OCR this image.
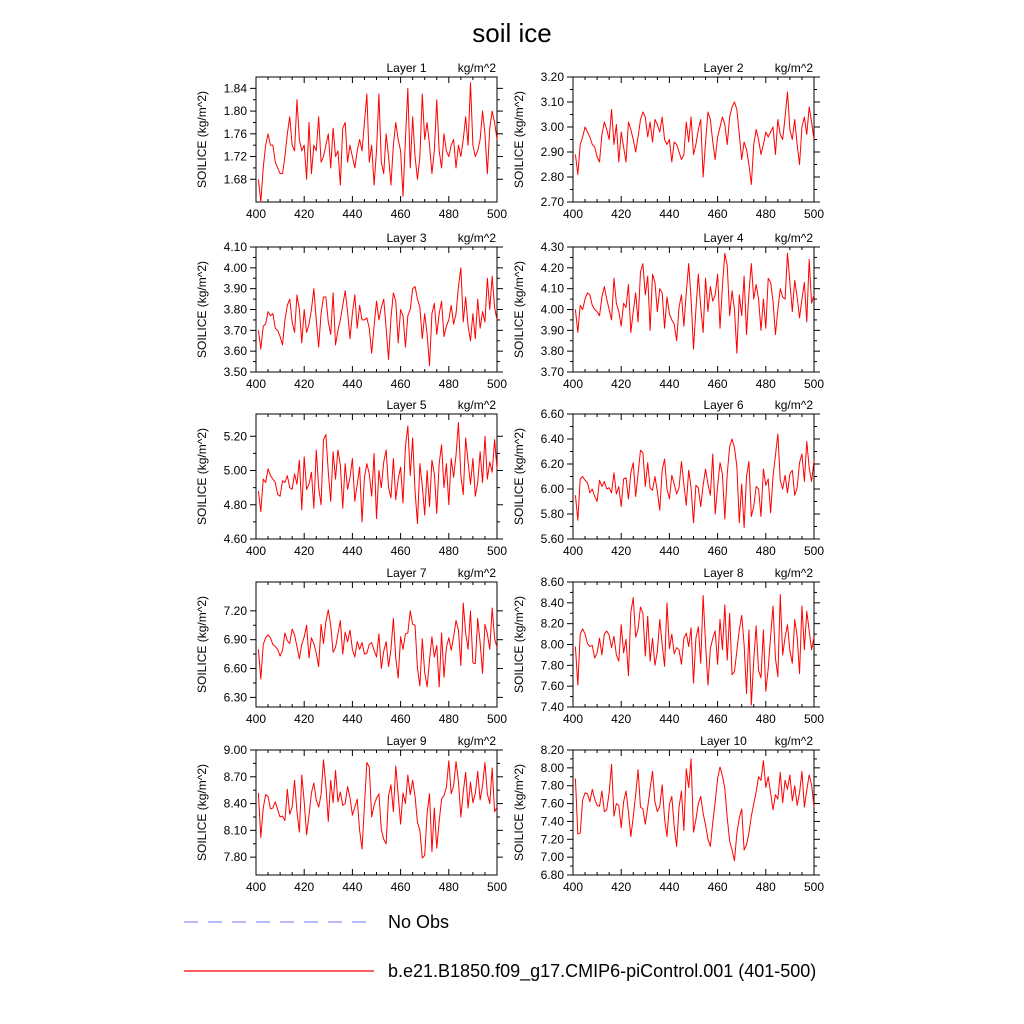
soil ice
400 420 440 460 480 500
1.68
1.72
1.76
1.80
1.84
Layer 1	kg/m^2
SOILICE (kg/m^2)
400 420 440 460 480 500
2.70
2.80
2.90
3.00
3.10
3.20
Layer 2	kg/m^2
SOILICE (kg/m^2)
400 420 440 460 480 500
3.50
3.60
3.70
3.80
3.90
4.00
4.10
Layer 3	kg/m^2
SOILICE (kg/m^2)
400 420 440 460 480 500
3.70
3.80
3.90
4.00
4.10
4.20
4.30
Layer 4	kg/m^2
SOILICE (kg/m^2)
400 420 440 460 480 500
4.60
4.80
5.00
5.20
Layer 5	kg/m^2
SOILICE (kg/m^2)
400 420 440 460 480 500
5.60
5.80
6.00
6.20
6.40
6.60
Layer 6	kg/m^2
SOILICE (kg/m^2)
400 420 440 460 480 500
6.30
6.60
6.90
7.20
Layer 7	kg/m^2
SOILICE (kg/m^2)
400 420 440 460 480 500
7.40
7.60
7.80
8.00
8.20
8.40
8.60
Layer 8	kg/m^2
SOILICE (kg/m^2)
400 420 440 460 480 500
7.80
8.10
8.40
8.70
9.00
Layer 9	kg/m^2
SOILICE (kg/m^2)
400 420 440 460 480 500
6.80
7.00
7.20
7.40
7.60
7.80
8.00
8.20
Layer 10 kg/m^2
SOILICE (kg/m^2)
No Obs
b.e21.B1850.f09_g17.CMIP6-piControl.001 (401-500)
